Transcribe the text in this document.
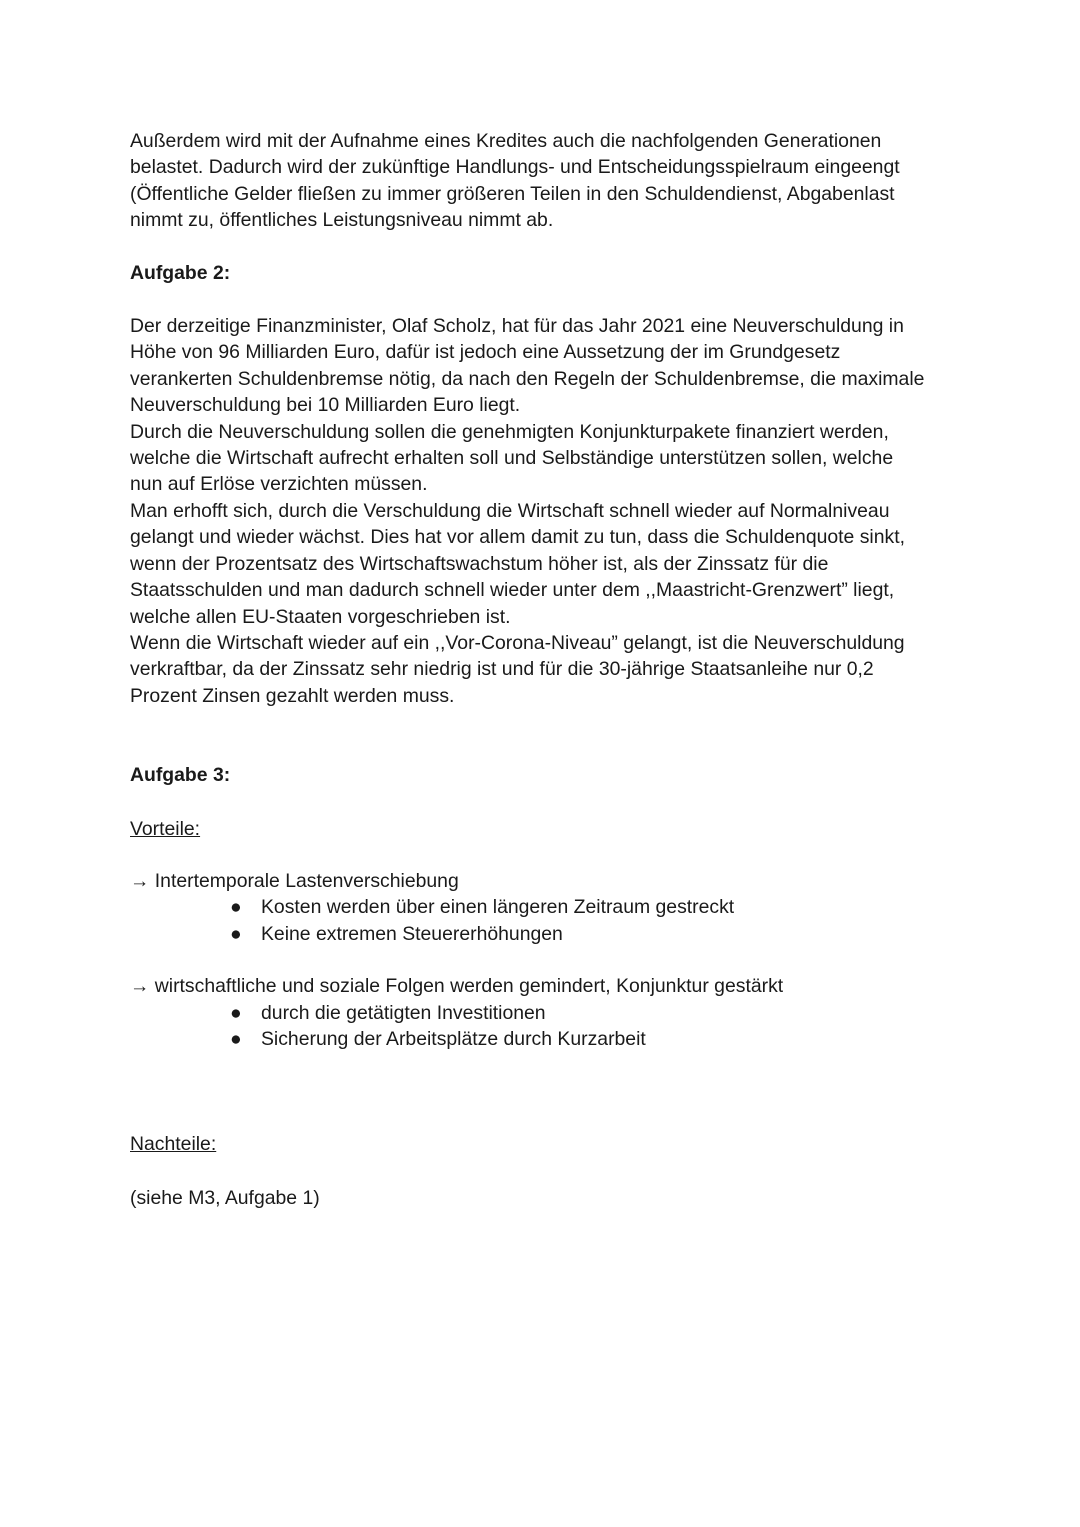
Außerdem wird mit der Aufnahme eines Kredites auch die nachfolgenden Generationen
belastet. Dadurch wird der zukünftige Handlungs- und Entscheidungsspielraum eingeengt
(Öffentliche Gelder fließen zu immer größeren Teilen in den Schuldendienst, Abgabenlast
nimmt zu, öffentliches Leistungsniveau nimmt ab.

Aufgabe 2:

Der derzeitige Finanzminister, Olaf Scholz, hat für das Jahr 2021 eine Neuverschuldung in
Höhe von 96 Milliarden Euro, dafür ist jedoch eine Aussetzung der im Grundgesetz
verankerten Schuldenbremse nötig, da nach den Regeln der Schuldenbremse, die maximale
Neuverschuldung bei 10 Milliarden Euro liegt.
Durch die Neuverschuldung sollen die genehmigten Konjunkturpakete finanziert werden,
welche die Wirtschaft aufrecht erhalten soll und Selbständige unterstützen sollen, welche
nun auf Erlöse verzichten müssen.
Man erhofft sich, durch die Verschuldung die Wirtschaft schnell wieder auf Normalniveau
gelangt und wieder wächst. Dies hat vor allem damit zu tun, dass die Schuldenquote sinkt,
wenn der Prozentsatz des Wirtschaftswachstum höher ist, als der Zinssatz für die
Staatsschulden und man dadurch schnell wieder unter dem ,,Maastricht-Grenzwert” liegt,
welche allen EU-Staaten vorgeschrieben ist.
Wenn die Wirtschaft wieder auf ein ,,Vor-Corona-Niveau” gelangt, ist die Neuverschuldung
verkraftbar, da der Zinssatz sehr niedrig ist und für die 30-jährige Staatsanleihe nur 0,2
Prozent Zinsen gezahlt werden muss.

Aufgabe 3:

Vorteile:

→ Intertemporale Lastenverschiebung

● Kosten werden über einen längeren Zeitraum gestreckt
● Keine extremen Steuererhöhungen

→ wirtschaftliche und soziale Folgen werden gemindert, Konjunktur gestärkt

● durch die getätigten Investitionen
● Sicherung der Arbeitsplätze durch Kurzarbeit

Nachteile:

(siehe M3, Aufgabe 1)
